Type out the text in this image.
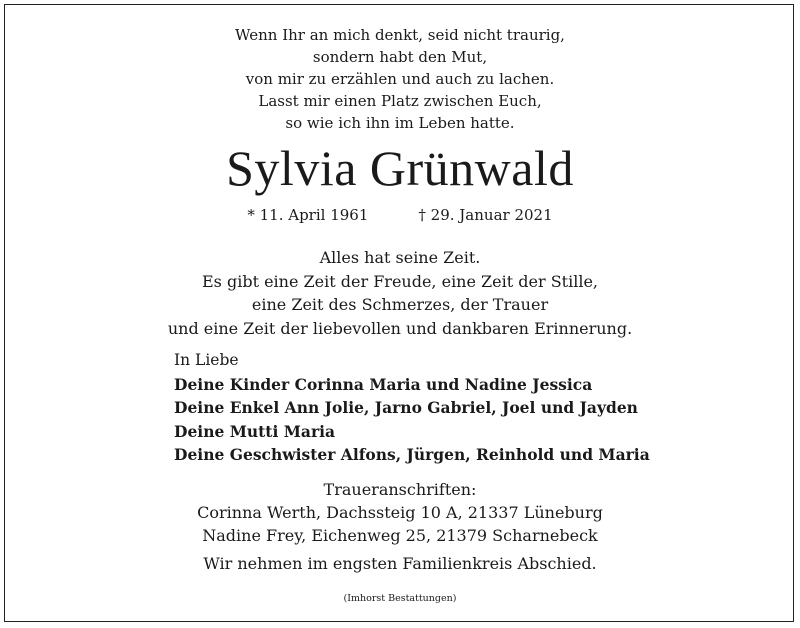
Wenn Ihr an mich denkt, seid nicht traurig,
sondern habt den Mut,
von mir zu erzählen und auch zu lachen.
Lasst mir einen Platz zwischen Euch,
so wie ich ihn im Leben hatte.
Sylvia Grünwald
* 11. April 1961	† 29. Januar 2021
Alles hat seine Zeit.
Es gibt eine Zeit der Freude, eine Zeit der Stille,
eine Zeit des Schmerzes, der Trauer
und eine Zeit der liebevollen und dankbaren Erinnerung.
In Liebe
Deine Kinder Corinna Maria und Nadine Jessica
Deine Enkel Ann Jolie, Jarno Gabriel, Joel und Jayden
Deine Mutti Maria
Deine Geschwister Alfons, Jürgen, Reinhold und Maria
Traueranschriften:
Corinna Werth, Dachssteig 10 A, 21337 Lüneburg
Nadine Frey, Eichenweg 25, 21379 Scharnebeck
Wir nehmen im engsten Familienkreis Abschied.
(Imhorst Bestattungen)
